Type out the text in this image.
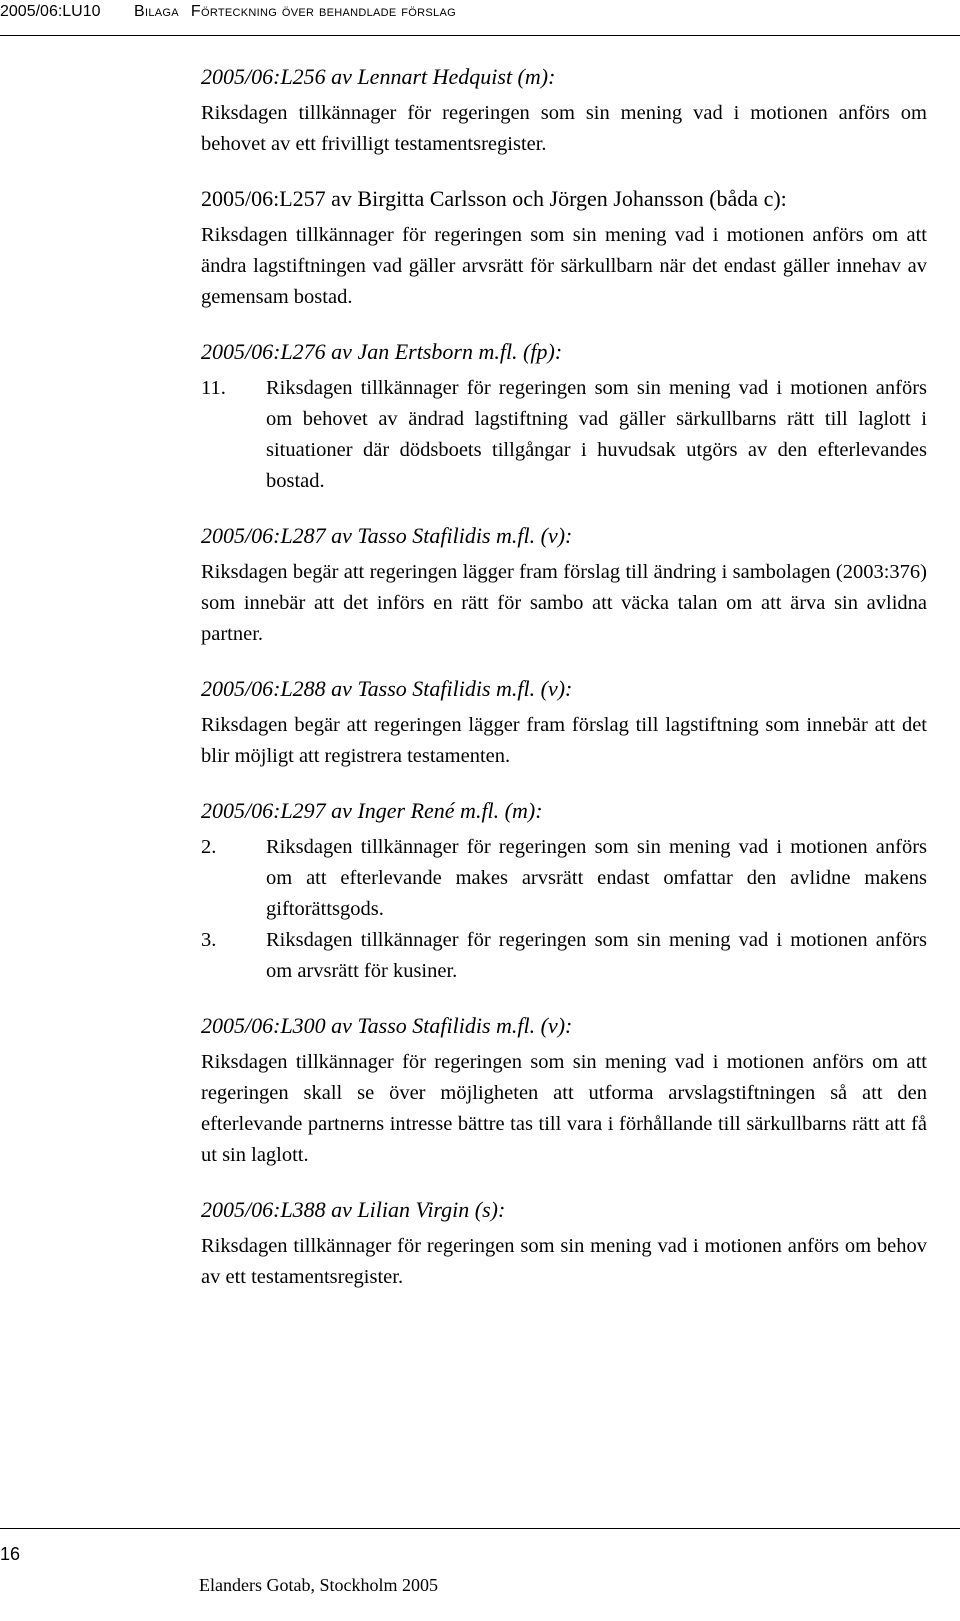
2005/06:LU10 Bilaga Förteckning över behandlade förslag
2005/06:L256 av Lennart Hedquist (m):

Riksdagen tillkännager för regeringen som sin mening vad i motionen anförs om behovet av ett frivilligt testamentsregister.

2005/06:L257 av Birgitta Carlsson och Jörgen Johansson (båda c):

Riksdagen tillkännager för regeringen som sin mening vad i motionen anförs om att ändra lagstiftningen vad gäller arvsrätt för särkullbarn när det endast gäller innehav av gemensam bostad.

2005/06:L276 av Jan Ertsborn m.fl. (fp):
11. Riksdagen tillkännager för regeringen som sin mening vad i motionen anförs om behovet av ändrad lagstiftning vad gäller särkullbarns rätt till laglott i situationer där dödsboets tillgångar i huvudsak utgörs av den efterlevandes bostad.
2005/06:L287 av Tasso Stafilidis m.fl. (v):

Riksdagen begär att regeringen lägger fram förslag till ändring i sambolagen (2003:376) som innebär att det införs en rätt för sambo att väcka talan om att ärva sin avlidna partner.

2005/06:L288 av Tasso Stafilidis m.fl. (v):

Riksdagen begär att regeringen lägger fram förslag till lagstiftning som innebär att det blir möjligt att registrera testamenten.

2005/06:L297 av Inger René m.fl. (m):
2. Riksdagen tillkännager för regeringen som sin mening vad i motionen anförs om att efterlevande makes arvsrätt endast omfattar den avlidne makens giftorättsgods.
3. Riksdagen tillkännager för regeringen som sin mening vad i motionen anförs om arvsrätt för kusiner.
2005/06:L300 av Tasso Stafilidis m.fl. (v):

Riksdagen tillkännager för regeringen som sin mening vad i motionen anförs om att regeringen skall se över möjligheten att utforma arvslagstiftningen så att den efterlevande partnerns intresse bättre tas till vara i förhållande till särkullbarns rätt att få ut sin laglott.

2005/06:L388 av Lilian Virgin (s):

Riksdagen tillkännager för regeringen som sin mening vad i motionen anförs om behov av ett testamentsregister.

16
Elanders Gotab, Stockholm 2005
